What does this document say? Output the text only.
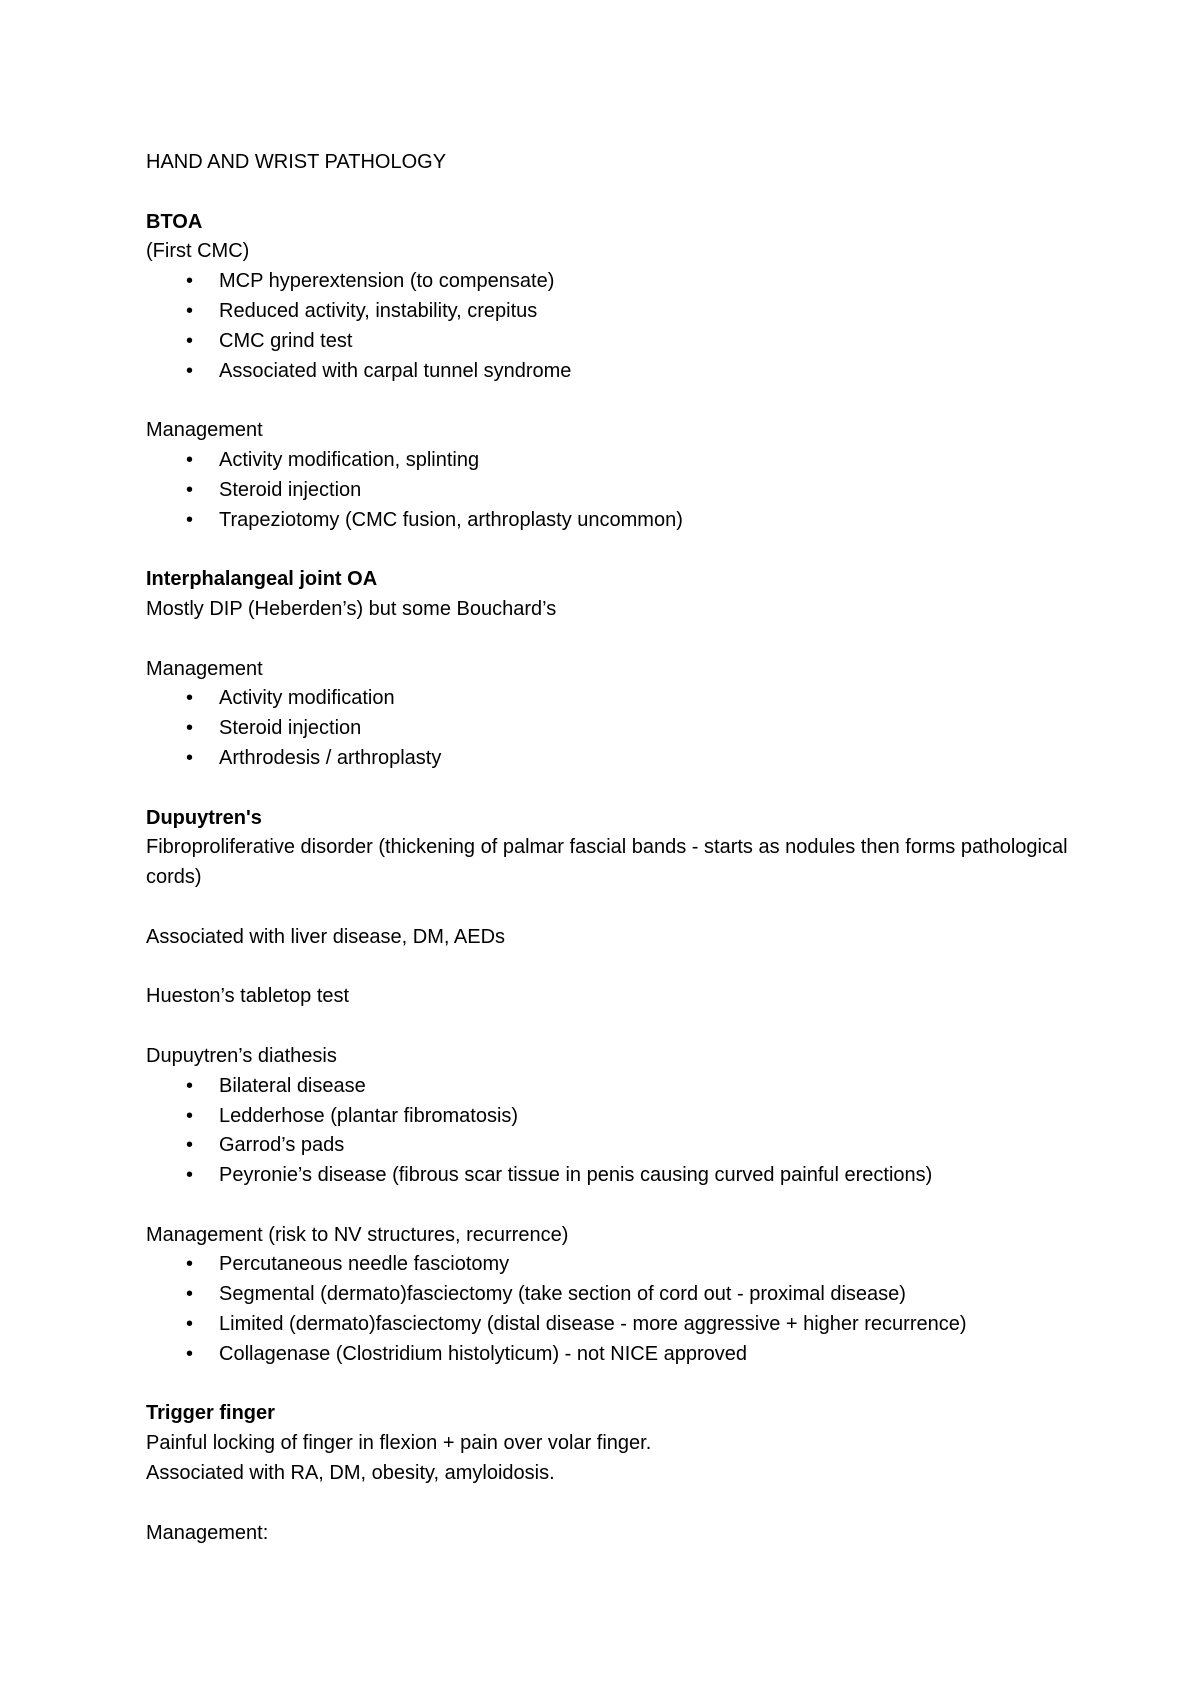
HAND AND WRIST PATHOLOGY
BTOA
(First CMC)
• MCP hyperextension (to compensate)
• Reduced activity, instability, crepitus
• CMC grind test
• Associated with carpal tunnel syndrome
Management
• Activity modification, splinting
• Steroid injection
• Trapeziotomy (CMC fusion, arthroplasty uncommon)
Interphalangeal joint OA
Mostly DIP (Heberden’s) but some Bouchard’s
Management
• Activity modification
• Steroid injection
• Arthrodesis / arthroplasty
Dupuytren's
Fibroproliferative disorder (thickening of palmar fascial bands - starts as nodules then forms pathological cords)
Associated with liver disease, DM, AEDs
Hueston’s tabletop test
Dupuytren’s diathesis
• Bilateral disease
• Ledderhose (plantar fibromatosis)
• Garrod’s pads
• Peyronie’s disease (fibrous scar tissue in penis causing curved painful erections)
Management (risk to NV structures, recurrence)
• Percutaneous needle fasciotomy
• Segmental (dermato)fasciectomy (take section of cord out - proximal disease)
• Limited (dermato)fasciectomy (distal disease - more aggressive + higher recurrence)
• Collagenase (Clostridium histolyticum) - not NICE approved
Trigger finger
Painful locking of finger in flexion + pain over volar finger.
Associated with RA, DM, obesity, amyloidosis.
Management:
